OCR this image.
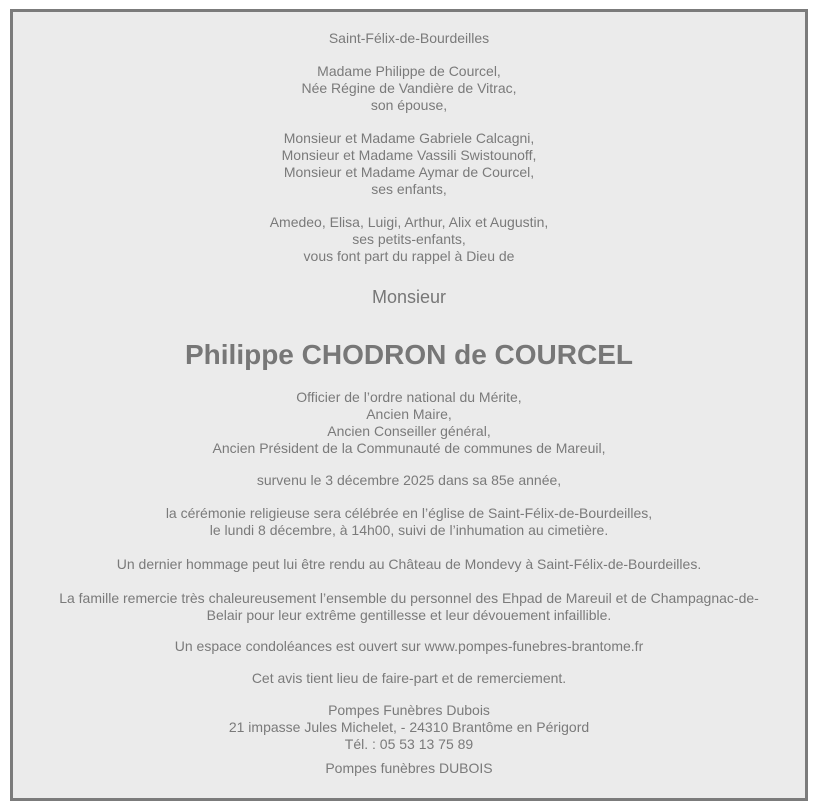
Saint-Félix-de-Bourdeilles
Madame Philippe de Courcel,
Née Régine de Vandière de Vitrac,
son épouse,
Monsieur et Madame Gabriele Calcagni,
Monsieur et Madame Vassili Swistounoff,
Monsieur et Madame Aymar de Courcel,
ses enfants,
Amedeo, Elisa, Luigi, Arthur, Alix et Augustin,
ses petits-enfants,
vous font part du rappel à Dieu de
Monsieur
Philippe CHODRON de COURCEL
Officier de l’ordre national du Mérite,
Ancien Maire,
Ancien Conseiller général,
Ancien Président de la Communauté de communes de Mareuil,
survenu le 3 décembre 2025 dans sa 85e année,
la cérémonie religieuse sera célébrée en l’église de Saint-Félix-de-Bourdeilles,
le lundi 8 décembre, à 14h00, suivi de l’inhumation au cimetière.
Un dernier hommage peut lui être rendu au Château de Mondevy à Saint-Félix-de-Bourdeilles.
La famille remercie très chaleureusement l’ensemble du personnel des Ehpad de Mareuil et de Champagnac-de-
Belair pour leur extrême gentillesse et leur dévouement infaillible.
Un espace condoléances est ouvert sur www.pompes-funebres-brantome.fr
Cet avis tient lieu de faire-part et de remerciement.
Pompes Funèbres Dubois
21 impasse Jules Michelet, - 24310 Brantôme en Périgord
Tél. : 05 53 13 75 89
Pompes funèbres DUBOIS
